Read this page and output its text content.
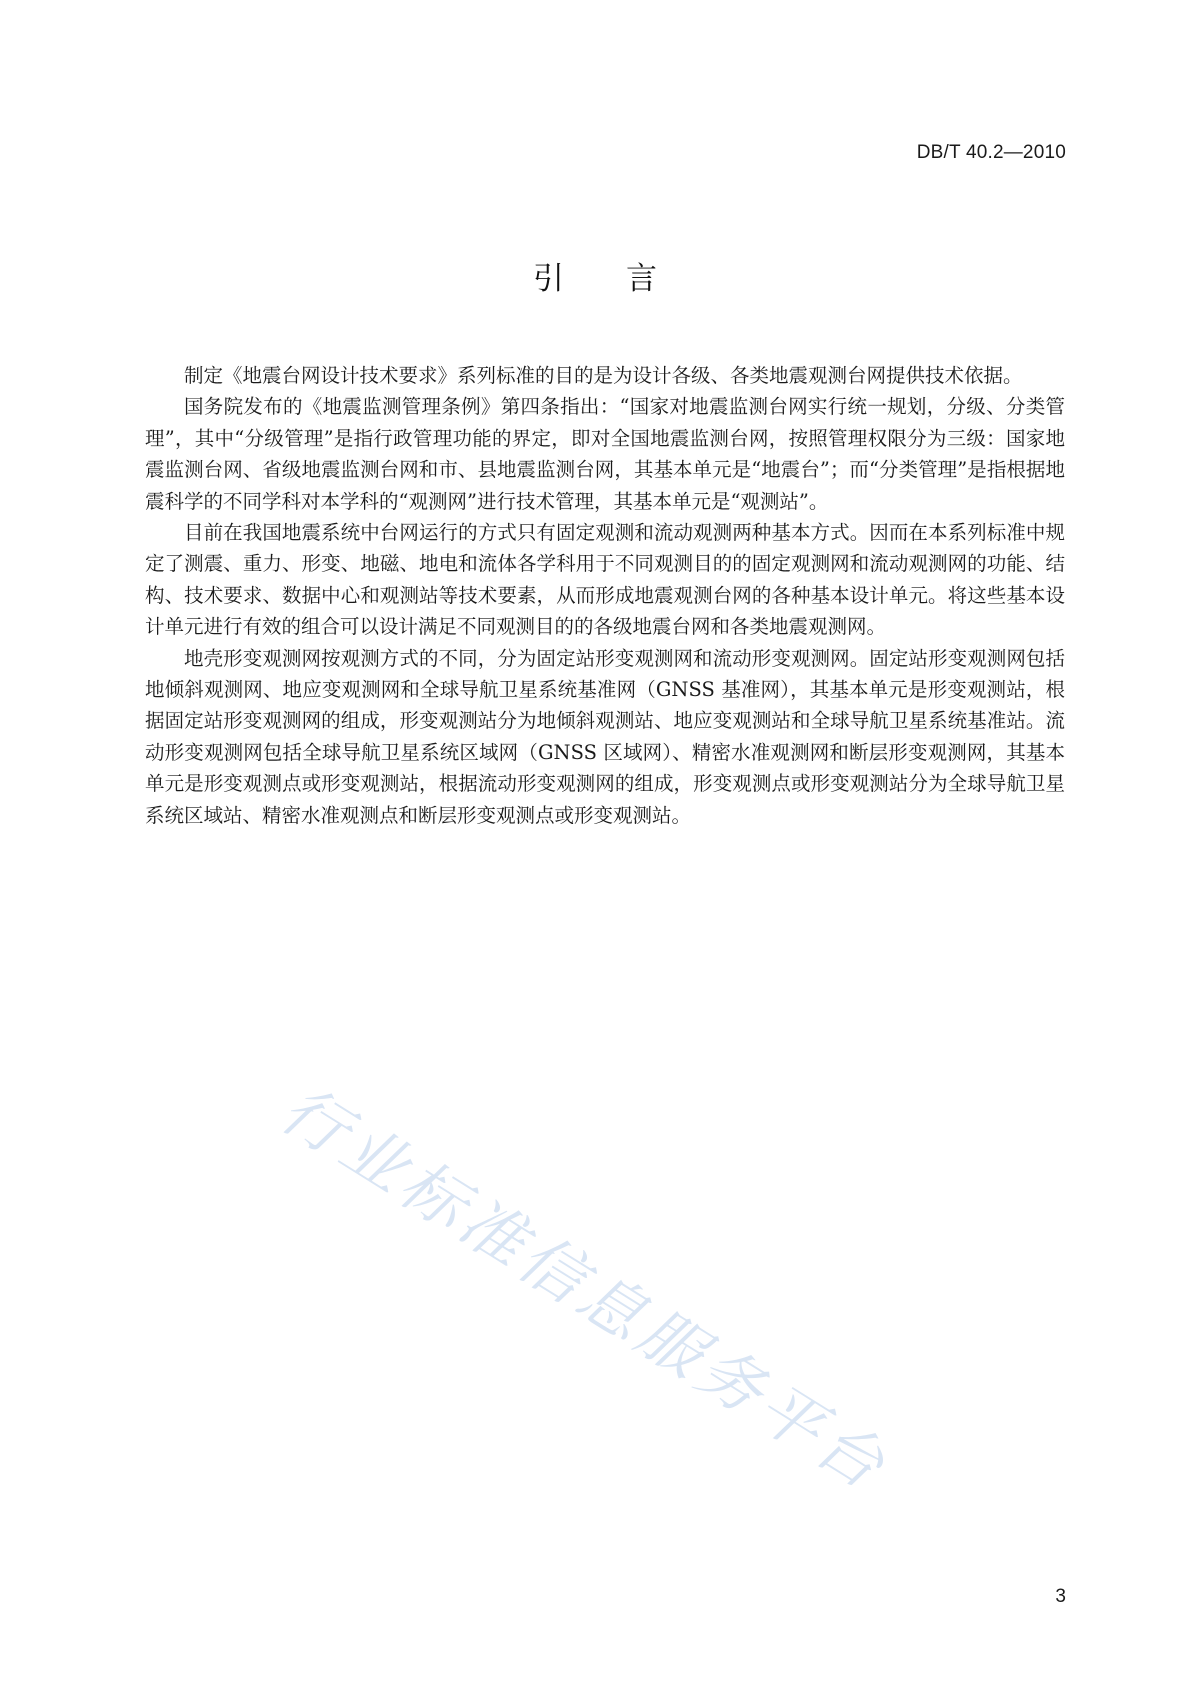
DB/T 40.2—2010
引言

制定《地震台网设计技术要求》系列标准的目的是为设计各级、各类地震观测台网提供技术依据。

国务院发布的《地震监测管理条例》第四条指出：“国家对地震监测台网实行统一规划，分级、分类管理”，其中“分级管理”是指行政管理功能的界定，即对全国地震监测台网，按照管理权限分为三级：国家地震监测台网、省级地震监测台网和市、县地震监测台网，其基本单元是“地震台”；而“分类管理”是指根据地震科学的不同学科对本学科的“观测网”进行技术管理，其基本单元是“观测站”。

目前在我国地震系统中台网运行的方式只有固定观测和流动观测两种基本方式。因而在本系列标准中规定了测震、重力、形变、地磁、地电和流体各学科用于不同观测目的的固定观测网和流动观测网的功能、结构、技术要求、数据中心和观测站等技术要素，从而形成地震观测台网的各种基本设计单元。将这些基本设计单元进行有效的组合可以设计满足不同观测目的的各级地震台网和各类地震观测网。

地壳形变观测网按观测方式的不同，分为固定站形变观测网和流动形变观测网。固定站形变观测网包括地倾斜观测网、地应变观测网和全球导航卫星系统基准网（GNSS 基准网），其基本单元是形变观测站，根据固定站形变观测网的组成，形变观测站分为地倾斜观测站、地应变观测站和全球导航卫星系统基准站。流动形变观测网包括全球导航卫星系统区域网（GNSS 区域网）、精密水准观测网和断层形变观测网，其基本单元是形变观测点或形变观测站，根据流动形变观测网的组成，形变观测点或形变观测站分为全球导航卫星系统区域站、精密水准观测点和断层形变观测点或形变观测站。

行业标准信息服务平台
3
